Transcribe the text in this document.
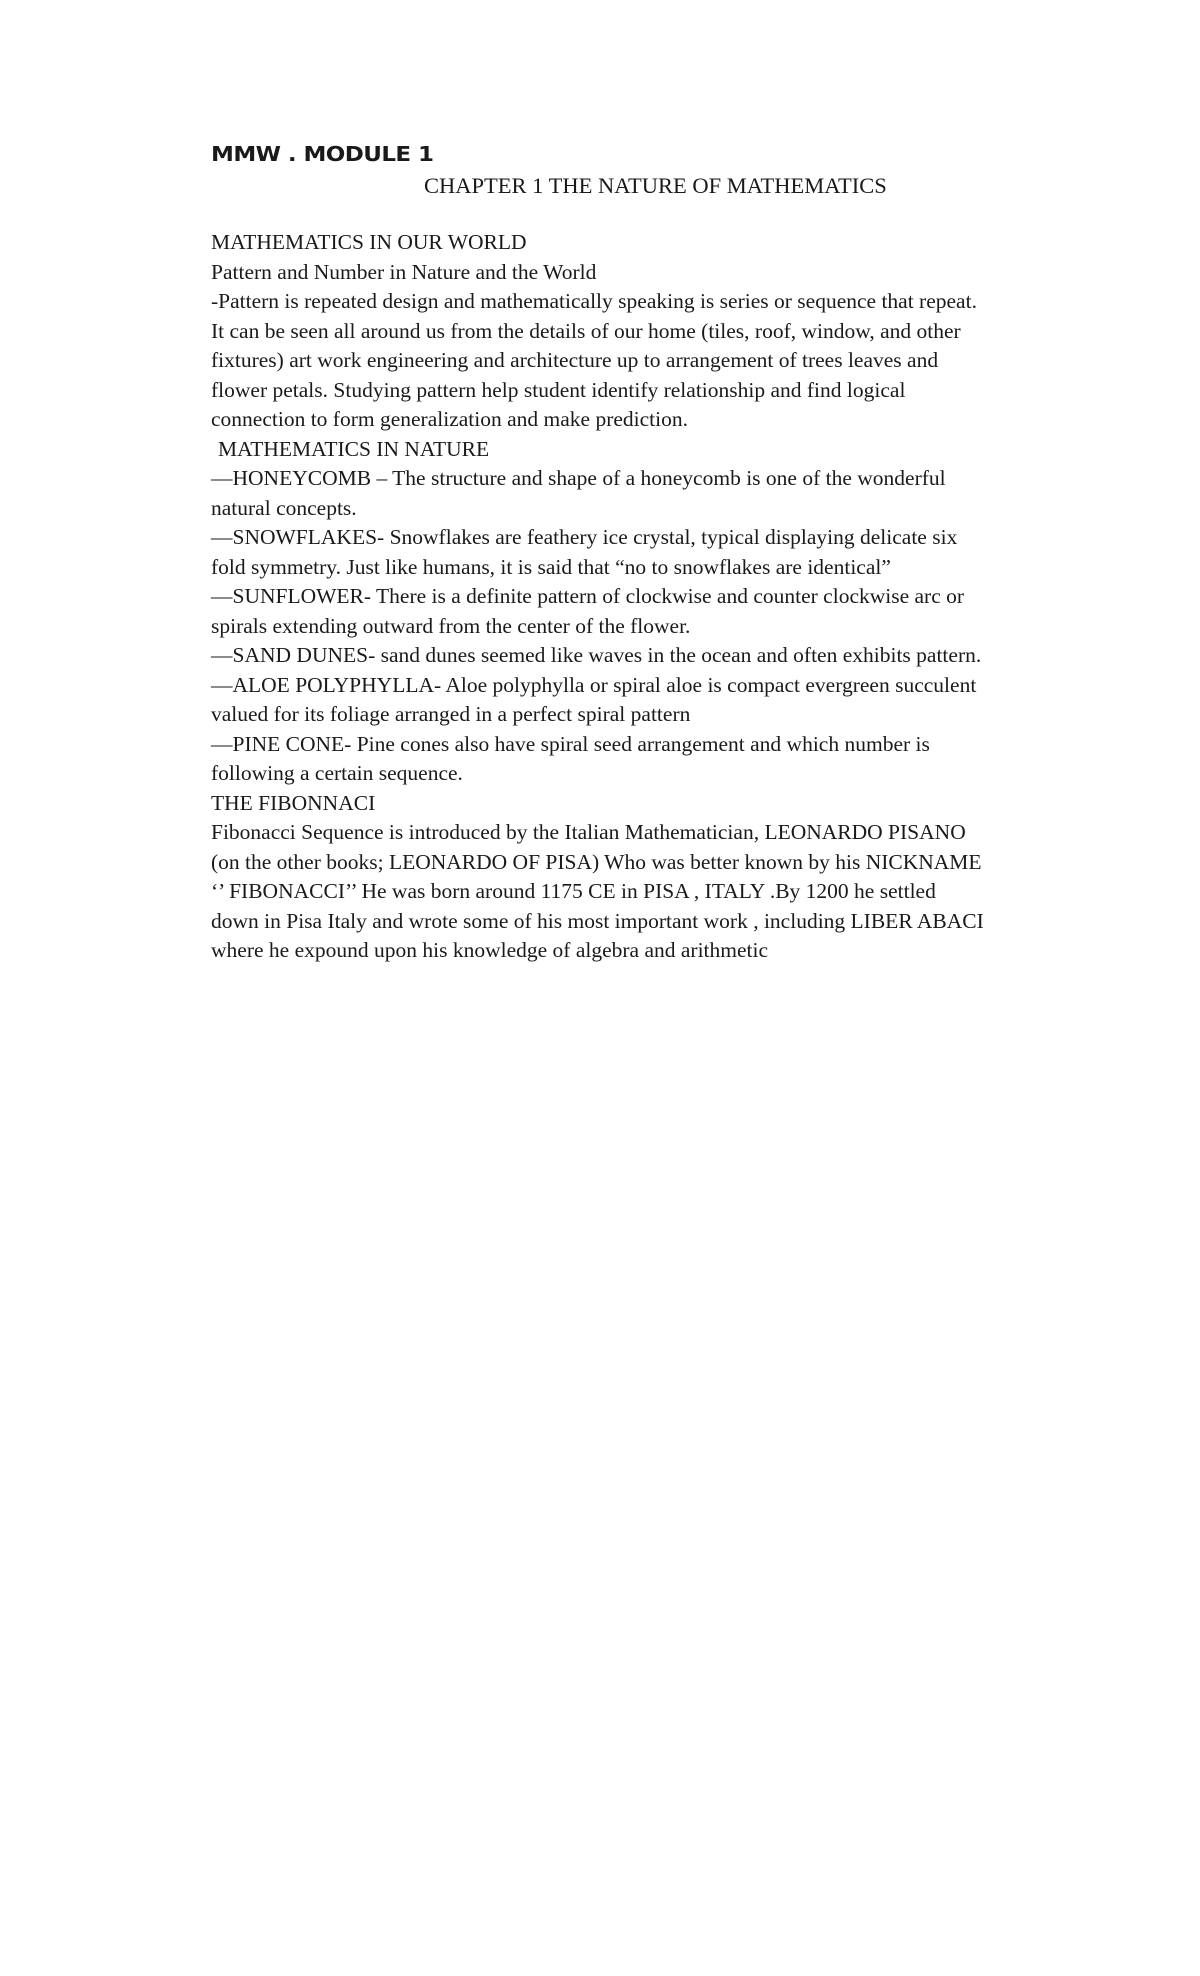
MMW . MODULE 1
CHAPTER 1 THE NATURE OF MATHEMATICS
MATHEMATICS IN OUR WORLD
Pattern and Number in Nature and the World
-Pattern is repeated design and mathematically speaking is series or sequence that repeat.
It can be seen all around us from the details of our home (tiles, roof, window, and other
fixtures) art work engineering and architecture up to arrangement of trees leaves and
flower petals. Studying pattern help student identify relationship and find logical
connection to form generalization and make prediction.
MATHEMATICS IN NATURE
—HONEYCOMB – The structure and shape of a honeycomb is one of the wonderful
natural concepts.
—SNOWFLAKES- Snowflakes are feathery ice crystal, typical displaying delicate six
fold symmetry. Just like humans, it is said that “no to snowflakes are identical”
—SUNFLOWER- There is a definite pattern of clockwise and counter clockwise arc or
spirals extending outward from the center of the flower.
—SAND DUNES- sand dunes seemed like waves in the ocean and often exhibits pattern.
—ALOE POLYPHYLLA- Aloe polyphylla or spiral aloe is compact evergreen succulent
valued for its foliage arranged in a perfect spiral pattern
—PINE CONE- Pine cones also have spiral seed arrangement and which number is
following a certain sequence.
THE FIBONNACI
Fibonacci Sequence is introduced by the Italian Mathematician, LEONARDO PISANO
(on the other books; LEONARDO OF PISA) Who was better known by his NICKNAME
‘’ FIBONACCI’’ He was born around 1175 CE in PISA , ITALY .By 1200 he settled
down in Pisa Italy and wrote some of his most important work , including LIBER ABACI
where he expound upon his knowledge of algebra and arithmetic
